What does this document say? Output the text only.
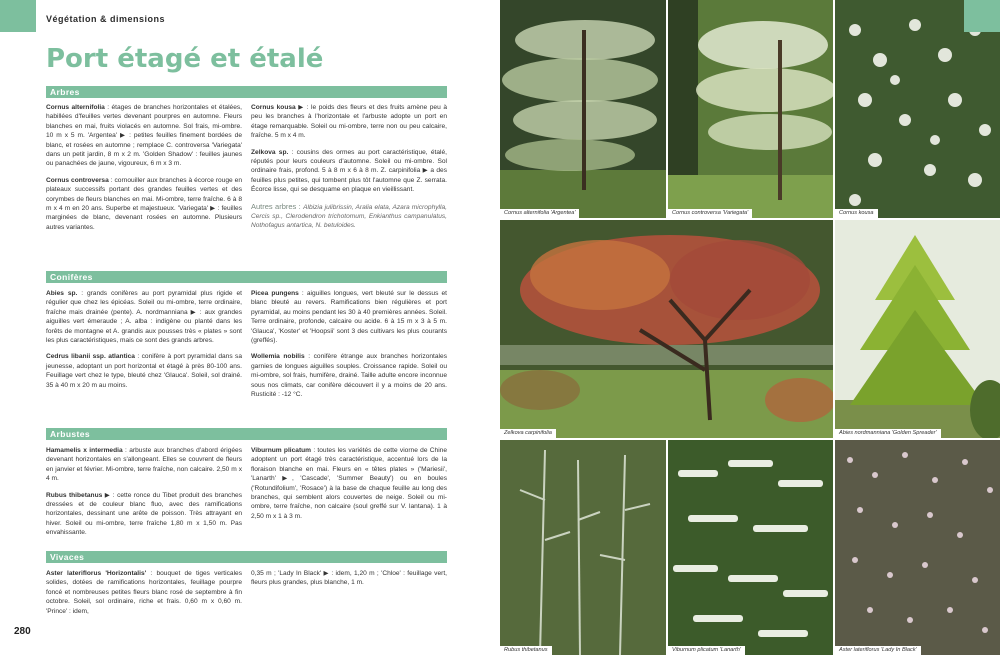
Végétation & dimensions
Port étagé et étalé
Arbres

Cornus alternifolia : étages de branches horizontales et étalées, habillées d'feuilles vertes devenant pourpres en automne. Fleurs blanches en mai, fruits violacés en automne. Sol frais, mi-ombre. 10 m x 5 m. 'Argentea' ▶ : petites feuilles finement bordées de blanc, et rosées en automne ; remplace C. controversa 'Variegata' dans un petit jardin, 8 m x 2 m. 'Golden Shadow' : feuilles jaunes ou panachées de jaune, vigoureux, 6 m x 3 m.

Cornus controversa : cornouiller aux branches à écorce rouge en plateaux successifs portant des grandes feuilles vertes et des corymbes de fleurs blanches en mai. Mi-ombre, terre fraîche. 6 à 8 m x 4 m en 20 ans. Superbe et majestueux. 'Variegata' ▶ : feuilles marginées de blanc, devenant rosées en automne. Plusieurs autres variantes.

Cornus kousa ▶ : le poids des fleurs et des fruits amène peu à peu les branches à l'horizontale et l'arbuste adopte un port en étage remarquable. Soleil ou mi-ombre, terre non ou peu calcaire, fraîche. 5 m x 4 m.

Zelkova sp. : cousins des ormes au port caractéristique, étalé, réputés pour leurs couleurs d'automne. Soleil ou mi-ombre. Sol ordinaire frais, profond. 5 à 8 m x 6 à 8 m. Z. carpinifolia ▶ a des feuilles plus petites, qui tombent plus tôt l'automne que Z. serrata. Écorce lisse, qui se desquame en plaque en vieillissant.

Autres arbres : Albizia julibrissin, Aralia elata, Azara microphylla, Cercis sp., Clerodendron trichotomum, Enkianthus campanulatus, Nothofagus antartica, N. betuloides.

Conifères

Abies sp. : grands conifères au port pyramidal plus rigide et régulier que chez les épicéas. Soleil ou mi-ombre, terre ordinaire, fraîche mais drainée (pente). A. nordmanniana ▶ : aux grandes aiguilles vert émeraude ; A. alba : indigène ou planté dans les forêts de montagne et A. grandis aux pousses très « plates » sont les plus caractéristiques, mais ce sont des grands arbres.

Cedrus libanii ssp. atlantica : conifère à port pyramidal dans sa jeunesse, adoptant un port horizontal et étagé à près 80-100 ans. Feuillage vert chez le type, bleuté chez 'Glauca'. Soleil, sol drainé. 35 à 40 m x 20 m au moins.

Picea pungens : aiguilles longues, vert bleuté sur le dessus et blanc bleuté au revers. Ramifications bien régulières et port pyramidal, au moins pendant les 30 à 40 premières années. Soleil. Terre ordinaire, profonde, calcaire ou acide. 6 à 15 m x 3 à 5 m. 'Glauca', 'Koster' et 'Hoopsii' sont 3 des cultivars les plus courants (greffés).

Wollemia nobilis : conifère étrange aux branches horizontales garnies de longues aiguilles souples. Croissance rapide. Soleil ou mi-ombre, sol frais, humifère, drainé. Taille adulte encore inconnue sous nos climats, car conifère découvert il y a moins de 20 ans. Rusticité : -12 °C.

Arbustes

Hamamelis x intermedia : arbuste aux branches d'abord érigées devenant horizontales en s'allongeant. Elles se couvrent de fleurs en janvier et février. Mi-ombre, terre fraîche, non calcaire. 2,50 m x 4 m.

Rubus thibetanus ▶ : cette ronce du Tibet produit des branches dressées et de couleur blanc fluo, avec des ramifications horizontales, dessinant une arête de poisson. Très attrayant en hiver. Soleil ou mi-ombre, terre fraîche 1,80 m x 1,50 m. Pas envahissante.

Viburnum plicatum : toutes les variétés de cette viorne de Chine adoptent un port étagé très caractéristique, accentué lors de la floraison blanche en mai. Fleurs en « têtes plates » ('Mariesii', 'Lanarth' ▶, 'Cascade', 'Summer Beauty') ou en boules ('Rotundifolium', 'Rosace') à la base de chaque feuille au long des branches, qui semblent alors couvertes de neige. Soleil ou mi-ombre, terre fraîche, non calcaire (soul greffé sur V. lantana). 1 à 2,50 m x 1 à 3 m.

Vivaces

Aster lateriflorus 'Horizontalis' : bouquet de tiges verticales solides, dotées de ramifications horizontales, feuillage pourpre foncé et nombreuses petites fleurs blanc rosé de septembre à fin octobre. Soleil, sol ordinaire, riche et frais. 0,60 m x 0,60 m. 'Prince' : idem,

0,35 m ; 'Lady In Black' ▶ : idem, 1,20 m ; 'Chloe' : feuillage vert, fleurs plus grandes, plus blanche, 1 m.

280
Cornus alternifolia 'Argentea'	Cornus controversa 'Variegata'	Cornus kousa
Zelkova carpinifolia	Abies nordmanniana 'Golden Spreader'
Rubus thibetanus	Viburnum plicatum 'Lanarth'	Aster lateriflorus 'Lady In Black'
